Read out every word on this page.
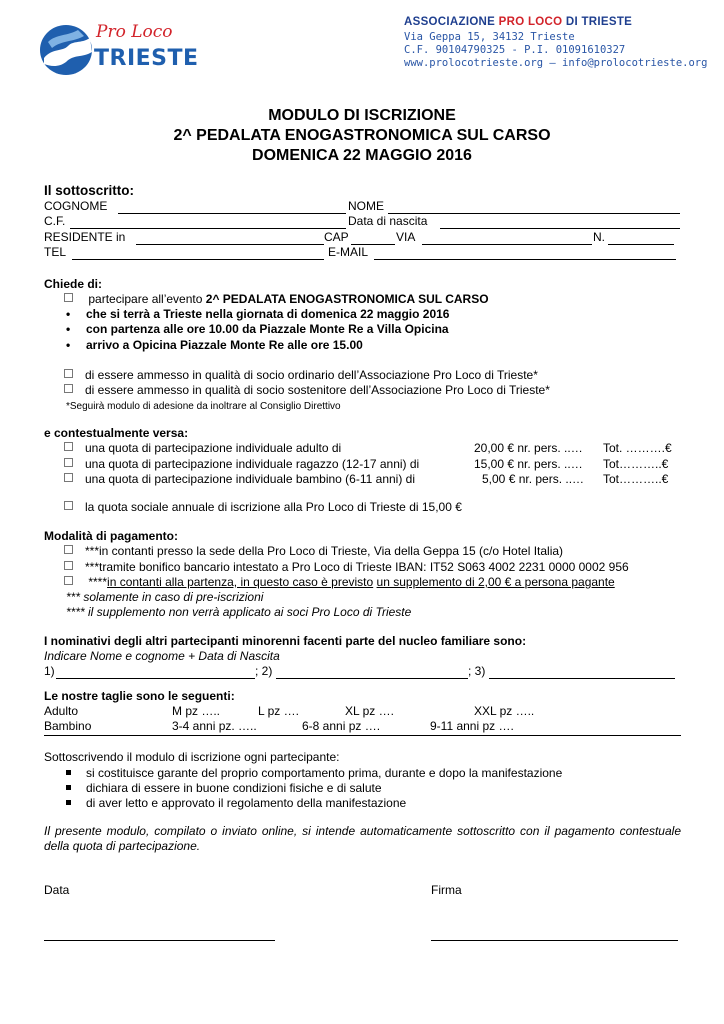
Pro Loco
TRIESTE
ASSOCIAZIONE PRO LOCO DI TRIESTE
Via Geppa 15, 34132 Trieste
C.F. 90104790325 - P.I. 01091610327
www.prolocotrieste.org – info@prolocotrieste.org
MODULO DI ISCRIZIONE
2^ PEDALATA ENOGASTRONOMICA SUL CARSO
DOMENICA 22 MAGGIO 2016
Il sottoscritto:
COGNOME	NOME
C.F.	Data di nascita
RESIDENTE in	CAP	VIA	N.
TEL	E-MAIL
Chiede di:
partecipare all’evento 2^ PEDALATA ENOGASTRONOMICA SUL CARSO
• che si terrà a Trieste nella giornata di domenica 22 maggio 2016
• con partenza alle ore 10.00 da Piazzale Monte Re a Villa Opicina
• arrivo a Opicina Piazzale Monte Re alle ore 15.00
di essere ammesso in qualità di socio ordinario dell’Associazione Pro Loco di Trieste*
di essere ammesso in qualità di socio sostenitore dell’Associazione Pro Loco di Trieste*
*Seguirà modulo di adesione da inoltrare al Consiglio Direttivo
e contestualmente versa:
una quota di partecipazione individuale adulto di	20,00 € nr. pers. ..… Tot. ……….€
una quota di partecipazione individuale ragazzo (12-17 anni) di	15,00 € nr. pers. ..… Tot………..€
una quota di partecipazione individuale bambino (6-11 anni) di	5,00 € nr. pers. ..… Tot………..€
la quota sociale annuale di iscrizione alla Pro Loco di Trieste di 15,00 €
Modalità di pagamento:
***in contanti presso la sede della Pro Loco di Trieste, Via della Geppa 15 (c/o Hotel Italia)
***tramite bonifico bancario intestato a Pro Loco di Trieste IBAN: IT52 S063 4002 2231 0000 0002 956
****in contanti alla partenza, in questo caso è previsto un supplemento di 2,00 € a persona pagante
*** solamente in caso di pre-iscrizioni
**** il supplemento non verrà applicato ai soci Pro Loco di Trieste
I nominativi degli altri partecipanti minorenni facenti parte del nucleo familiare sono:
Indicare Nome e cognome + Data di Nascita
1)	; 2)	; 3)
Le nostre taglie sono le seguenti:
Adulto	M pz …..	L pz ….	XL pz ….	XXL pz …..
Bambino	3-4 anni pz. …..	6-8 anni pz ….	9-11 anni pz ….
Sottoscrivendo il modulo di iscrizione ogni partecipante:
si costituisce garante del proprio comportamento prima, durante e dopo la manifestazione
dichiara di essere in buone condizioni fisiche e di salute
di aver letto e approvato il regolamento della manifestazione
Il presente modulo, compilato o inviato online, si intende automaticamente sottoscritto con il pagamento contestuale della quota di partecipazione.
Data	Firma
